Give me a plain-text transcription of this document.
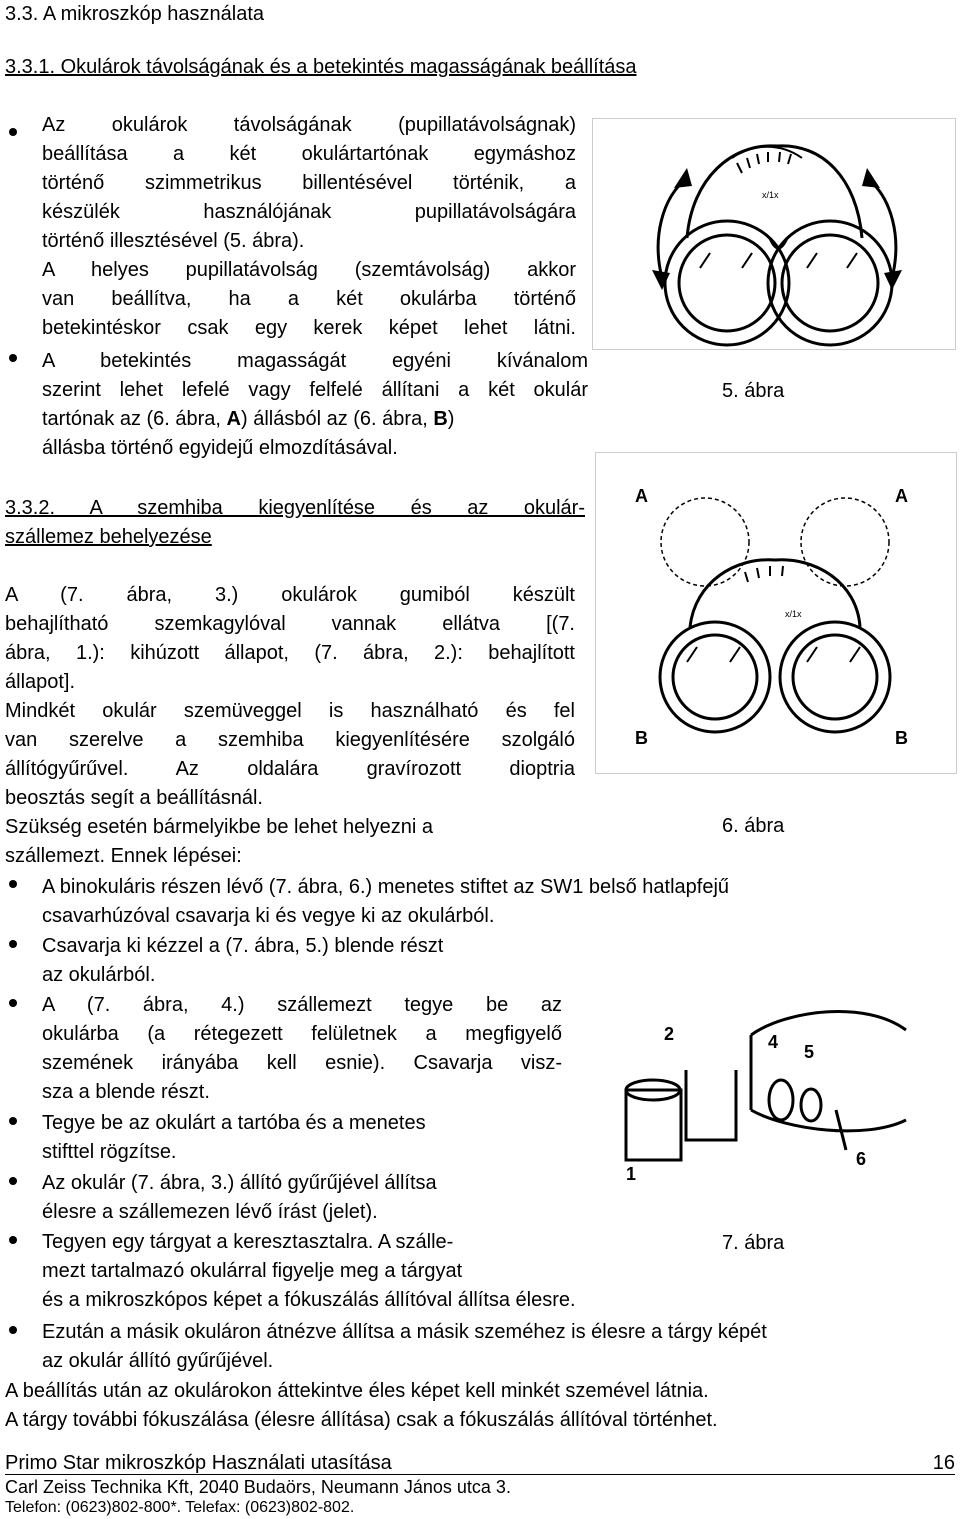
3.3. A mikroszkóp használata
3.3.1. Okulárok távolságának és a betekintés magasságának beállítása
Az okulárok távolságának (pupillatávolságnak)
beállítása a két okulártartónak egymáshoz
történő szimmetrikus billentésével történik, a
készülék használójának pupillatávolságára
történő illesztésével (5. ábra).
A helyes pupillatávolság (szemtávolság) akkor
van beállítva, ha a két okulárba történő
betekintéskor csak egy kerek képet lehet látni.
A betekintés magasságát egyéni kívánalom
szerint lehet lefelé vagy felfelé állítani a két okulár
tartónak az (6. ábra, A) állásból az (6. ábra, B)
állásba történő egyidejű elmozdításával.
x/1x
5. ábra
3.3.2. A szemhiba kiegyenlítése és az okulár-
szállemez behelyezése
A (7. ábra, 3.) okulárok gumiból készült
behajlítható szemkagylóval vannak ellátva [(7.
ábra, 1.): kihúzott állapot, (7. ábra, 2.): behajlított
állapot].
Mindkét okulár szemüveggel is használható és fel
van szerelve a szemhiba kiegyenlítésére szolgáló
állítógyűrűvel. Az oldalára gravírozott dioptria
beosztás segít a beállításnál.
Szükség esetén bármelyikbe be lehet helyezni a
szállemezt. Ennek lépései:
A	A
B	B
x/1x
6. ábra
A binokuláris részen lévő (7. ábra, 6.) menetes stiftet az SW1 belső hatlapfejű
csavarhúzóval csavarja ki és vegye ki az okulárból.
Csavarja ki kézzel a (7. ábra, 5.) blende részt
az okulárból.
A (7. ábra, 4.) szállemezt tegye be az
okulárba (a rétegezett felületnek a megfigyelő
szemének irányába kell esnie). Csavarja visz-
sza a blende részt.
Tegye be az okulárt a tartóba és a menetes
stifttel rögzítse.
Az okulár (7. ábra, 3.) állító gyűrűjével állítsa
élesre a szállemezen lévő írást (jelet).
Tegyen egy tárgyat a keresztasztalra. A szálle-
mezt tartalmazó okulárral figyelje meg a tárgyat
és a mikroszkópos képet a fókuszálás állítóval állítsa élesre.
Ezután a másik okuláron átnézve állítsa a másik szeméhez is élesre a tárgy képét
az okulár állító gyűrűjével.
1
2	4 5
6
7. ábra
A beállítás után az okulárokon áttekintve éles képet kell minkét szemével látnia.
A tárgy további fókuszálása (élesre állítása) csak a fókuszálás állítóval történhet.
Primo Star mikroszkóp Használati utasítása	16
Carl Zeiss Technika Kft, 2040 Budaörs, Neumann János utca 3.
Telefon: (0623)802-800*. Telefax: (0623)802-802.
